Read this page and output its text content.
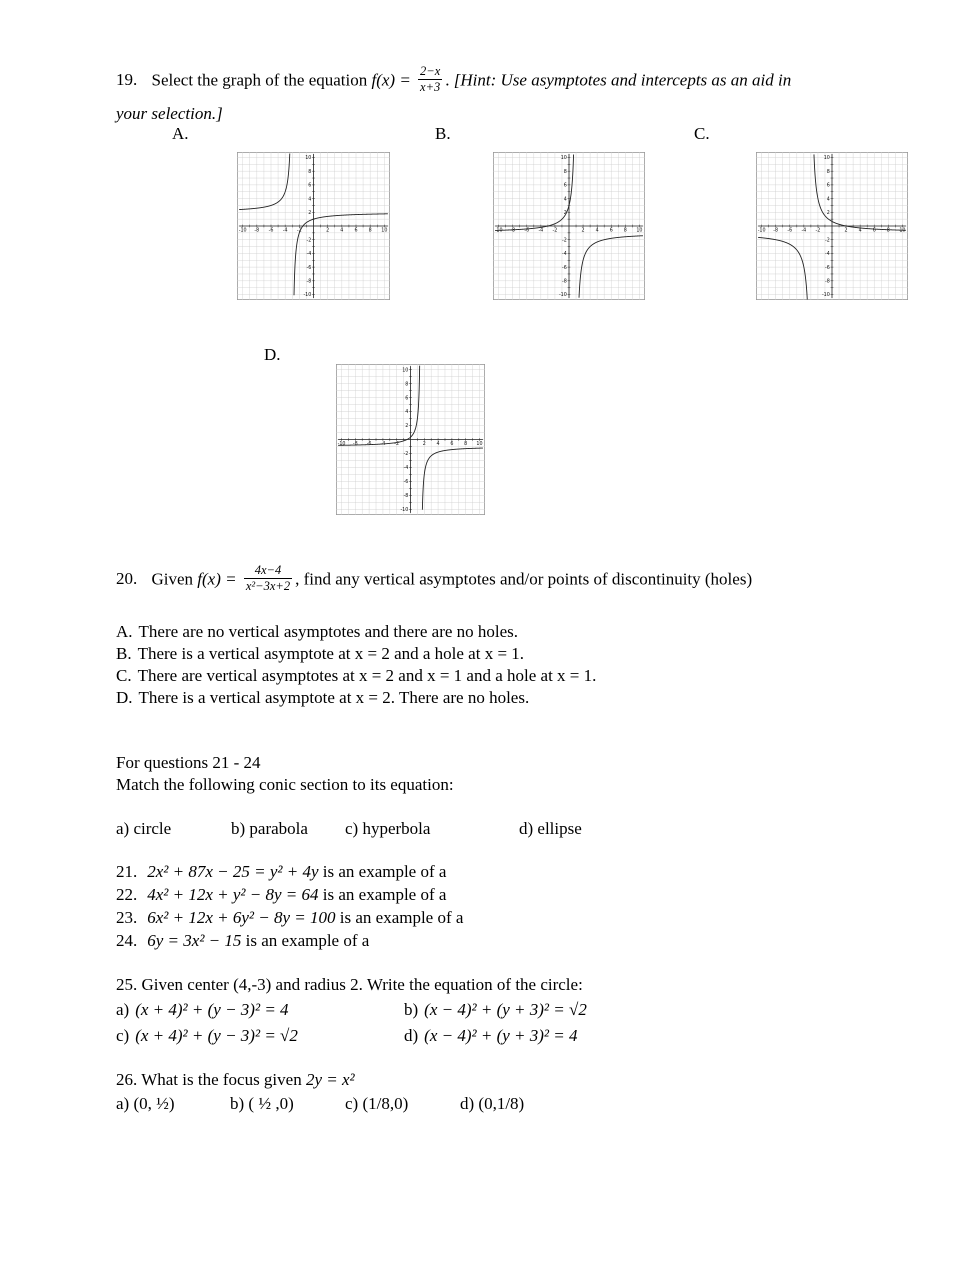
19. Select the graph of the equation $f(x) = \frac{2-x}{x+3}$ . [Hint: Use asymptotes and intercepts as an aid in
your selection.]
A.	B.	C.
D.
-10
-10
-8
-8
-6
-6
-4
-4
-2
-2
2
2
4
4
6
6
8
8
10
10
-10
-10
-8
-8
-6
-6
-4
-4
-2
-2
2
2
4
4
6
6
8
8
10
10
-10
-10
-8
-8
-6
-6
-4
-4
-2
-2
2
2
4
4
6
6
8
8
10
10
-10
-10
-8
-8
-6
-6
-4
-4
-2
-2
2
2
4
4
6
6
8
8
10
10
20. Given $f(x) = \frac{4x-4}{\text{x²−3x+2}}$ , find any vertical asymptotes and/or points of discontinuity (holes)
A. There are no vertical asymptotes and there are no holes.
B. There is a vertical asymptote at x = 2 and a hole at x = 1.
C. There are vertical asymptotes at x = 2 and x = 1 and a hole at x = 1.
D. There is a vertical asymptote at x = 2. There are no holes.
For questions 21 - 24
Match the following conic section to its equation:
a) circle	b) parabola c) hyperbola	d) ellipse
21. 2x² + 87x − 25 = y² + 4y is an example of a
22. 4x² + 12x + y² − 8y = 64 is an example of a
23. 6x² + 12x + 6y² − 8y = 100 is an example of a
24. 6y = 3x² − 15 is an example of a
25. Given center (4,-3) and radius 2. Write the equation of the circle:
a) (x + 4)² + (y − 3)² = 4	b) (x − 4)² + (y + 3)² = √2
c) (x + 4)² + (y − 3)² = √2	d) (x − 4)² + (y + 3)² = 4
26. What is the focus given 2y = x²
a) (0, ½)	b) ( ½ ,0)	c) (1/8,0)	d) (0,1/8)
